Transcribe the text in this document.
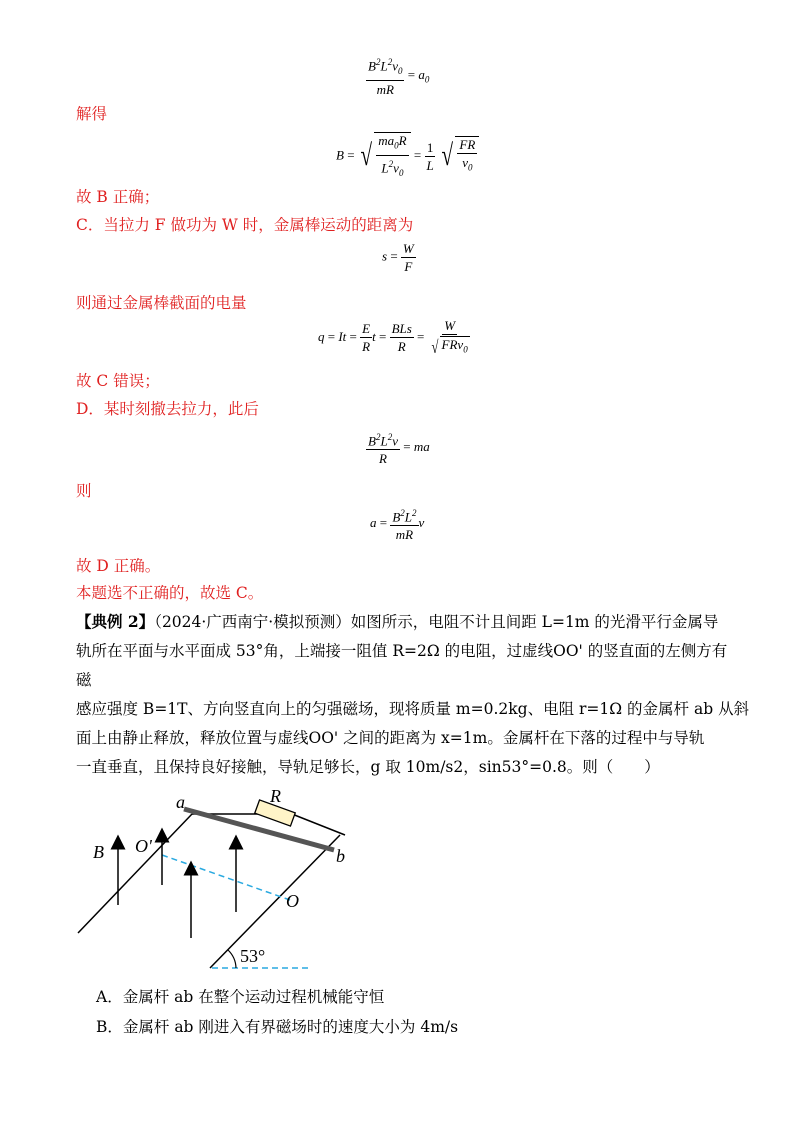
$\frac{B^2L^2v_0}{mR} = a_0$
解得
B = √ $\frac{ma_0R}{L^2v_0} = \frac{1}{L}$
√ $\frac{FR}{v_0}$
故 B 正确；
C．当拉力 F 做功为 W 时，金属棒运动的距离为
$s = \frac{W}{F}$
则通过金属棒截面的电量
$q = It = \frac{E}{R}$ $t = \frac{\text{BLs}}{R} = \frac{W}{√ FRv_0}$
故 C 错误；
D．某时刻撤去拉力，此后
$\frac{B^2L^2v}{R}$ = ma
则
$a = \frac{B^2L^2}{mR}$ v
故 D 正确。
本题选不正确的，故选 C。
【典例 2】（2024·广西南宁·模拟预测）如图所示，电阻不计且间距 L=1m 的光滑平行金属导
轨所在平面与水平面成 53°角，上端接一阻值 R=2Ω 的电阻，过虚线OO' 的竖直面的左侧方有
磁
感应强度 B=1T、方向竖直向上的匀强磁场，现将质量 m=0.2kg、电阻 r=1Ω 的金属杆 ab 从斜
面上由静止释放，释放位置与虚线OO' 之间的距离为 x=1m。金属杆在下落的过程中与导轨
一直垂直，且保持良好接触，导轨足够长，g 取 10m/s2，sin53°=0.8。则（　　）
a
b
R
B O'
O
53°
A．金属杆 ab 在整个运动过程机械能守恒
B．金属杆 ab 刚进入有界磁场时的速度大小为 4m/s
